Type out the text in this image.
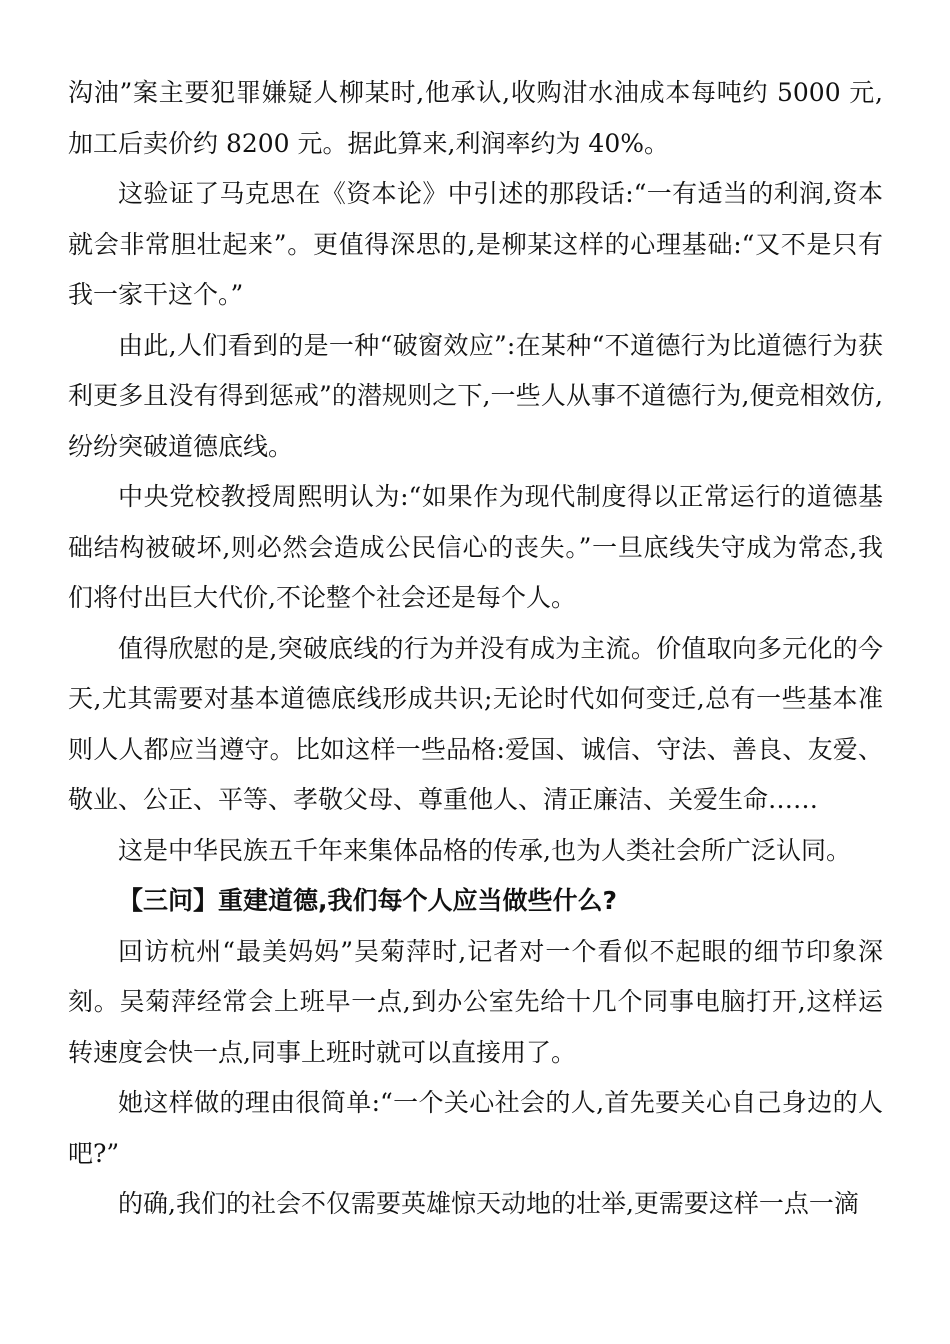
沟油”案主要犯罪嫌疑人柳某时,他承认,收购泔水油成本每吨约 5000 元,加工后卖价约 8200 元。据此算来,利润率约为 40%。

这验证了马克思在《资本论》中引述的那段话:“一有适当的利润,资本就会非常胆壮起来”。更值得深思的,是柳某这样的心理基础:“又不是只有我一家干这个。”

由此,人们看到的是一种“破窗效应”:在某种“不道德行为比道德行为获利更多且没有得到惩戒”的潜规则之下,一些人从事不道德行为,便竞相效仿,纷纷突破道德底线。

中央党校教授周熙明认为:“如果作为现代制度得以正常运行的道德基础结构被破坏,则必然会造成公民信心的丧失。”一旦底线失守成为常态,我们将付出巨大代价,不论整个社会还是每个人。

值得欣慰的是,突破底线的行为并没有成为主流。价值取向多元化的今天,尤其需要对基本道德底线形成共识;无论时代如何变迁,总有一些基本准则人人都应当遵守。比如这样一些品格:爱国、诚信、守法、善良、友爱、敬业、公正、平等、孝敬父母、尊重他人、清正廉洁、关爱生命……

这是中华民族五千年来集体品格的传承,也为人类社会所广泛认同。

【三问】重建道德,我们每个人应当做些什么?

回访杭州“最美妈妈”吴菊萍时,记者对一个看似不起眼的细节印象深刻。吴菊萍经常会上班早一点,到办公室先给十几个同事电脑打开,这样运转速度会快一点,同事上班时就可以直接用了。

她这样做的理由很简单:“一个关心社会的人,首先要关心自己身边的人吧?”

的确,我们的社会不仅需要英雄惊天动地的壮举,更需要这样一点一滴
